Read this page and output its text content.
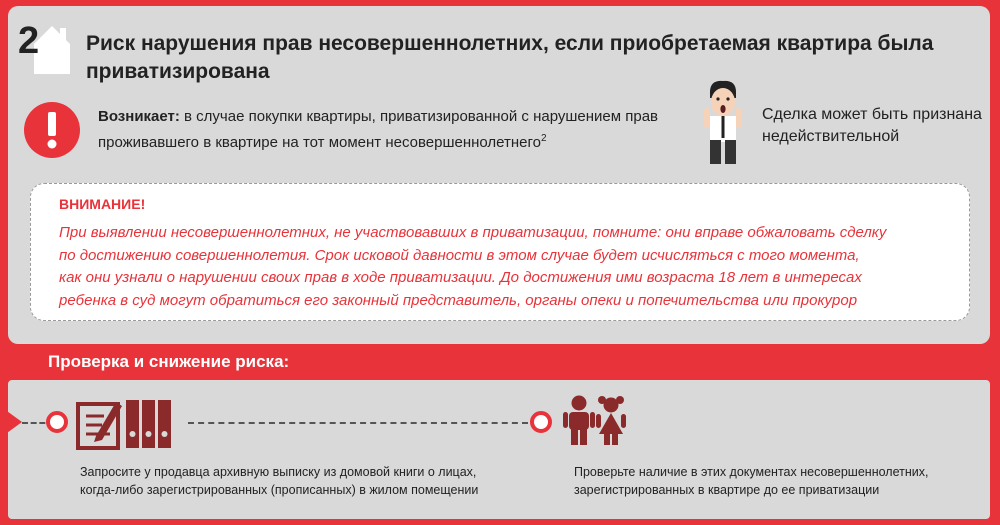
2 Риск нарушения прав несовершеннолетних, если приобретаемая квартира была приватизирована
Возникает: в случае покупки квартиры, приватизированной с нарушением прав проживавшего в квартире на тот момент несовершеннолетнего$^2$
Сделка может быть признана недействительной
ВНИМАНИЕ!
При выявлении несовершеннолетних, не участвовавших в приватизации, помните: они вправе обжаловать сделку
по достижению совершеннолетия. Срок исковой давности в этом случае будет исчисляться с того момента,
как они узнали о нарушении своих прав в ходе приватизации. До достижения ими возраста 18 лет в интересах
ребенка в суд могут обратиться его законный представитель, органы опеки и попечительства или прокурор
Проверка и снижение риска:
Запросите у продавца архивную выписку из домовой книги о лицах,
когда-либо зарегистрированных (прописанных) в жилом помещении
Проверьте наличие в этих документах несовершеннолетних,
зарегистрированных в квартире до ее приватизации
